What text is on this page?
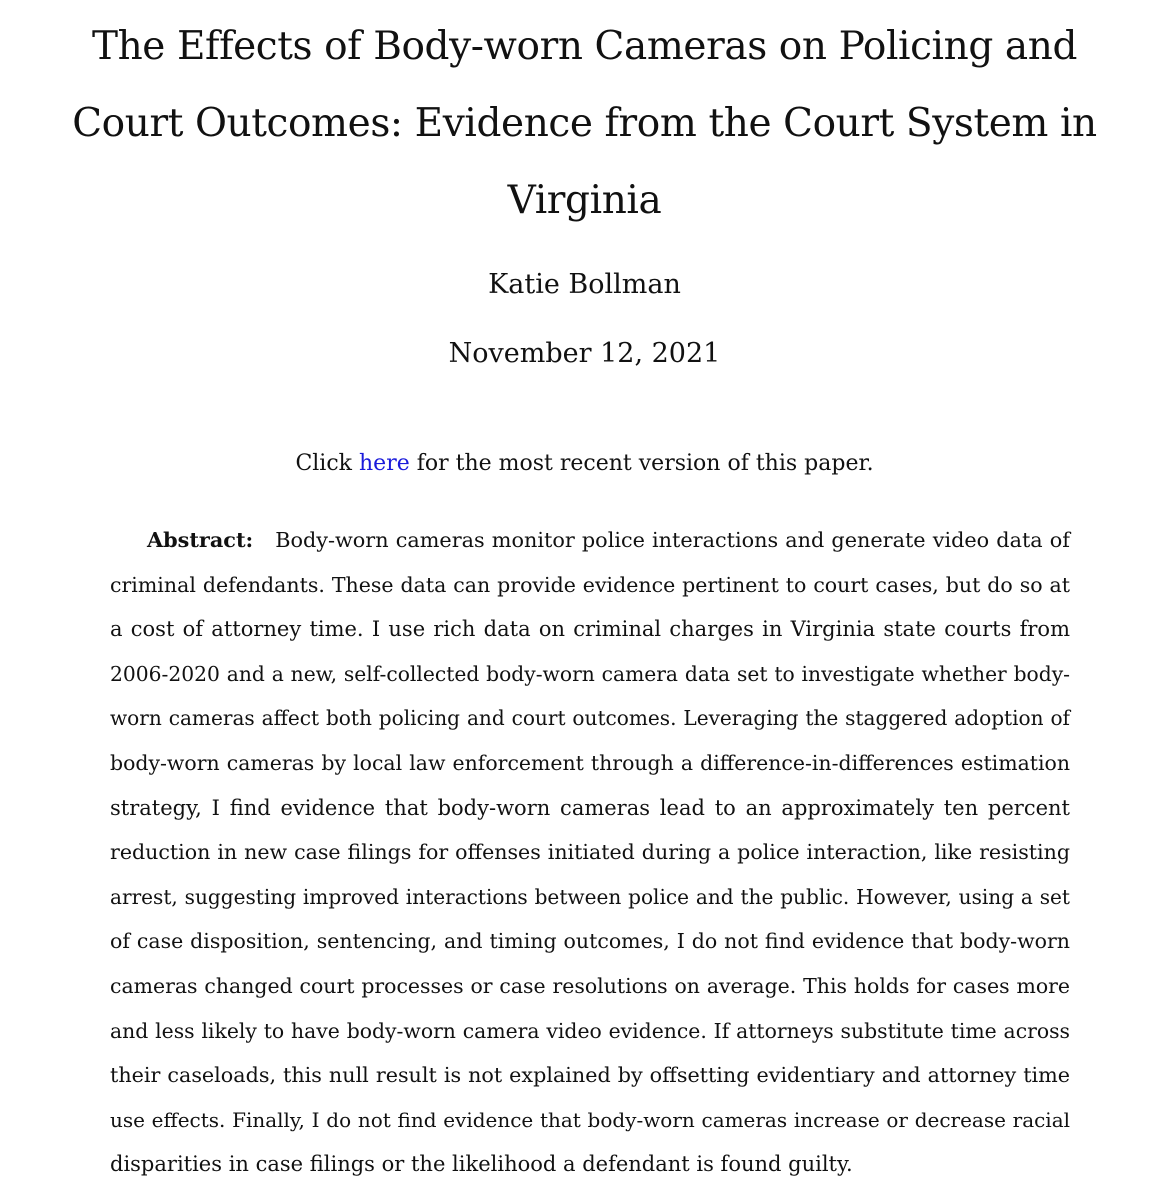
The Effects of Body-worn Cameras on Policing and
Court Outcomes: Evidence from the Court System in
Virginia
Katie Bollman
November 12, 2021
Click here for the most recent version of this paper.
Abstract: Body-worn cameras monitor police interactions and generate video data of
criminal defendants. These data can provide evidence pertinent to court cases, but do so at
a cost of attorney time. I use rich data on criminal charges in Virginia state courts from
2006-2020 and a new, self-collected body-worn camera data set to investigate whether body-
worn cameras affect both policing and court outcomes. Leveraging the staggered adoption of
body-worn cameras by local law enforcement through a difference-in-differences estimation
strategy, I find evidence that body-worn cameras lead to an approximately ten percent
reduction in new case filings for offenses initiated during a police interaction, like resisting
arrest, suggesting improved interactions between police and the public. However, using a set
of case disposition, sentencing, and timing outcomes, I do not find evidence that body-worn
cameras changed court processes or case resolutions on average. This holds for cases more
and less likely to have body-worn camera video evidence. If attorneys substitute time across
their caseloads, this null result is not explained by offsetting evidentiary and attorney time
use effects. Finally, I do not find evidence that body-worn cameras increase or decrease racial
disparities in case filings or the likelihood a defendant is found guilty.
